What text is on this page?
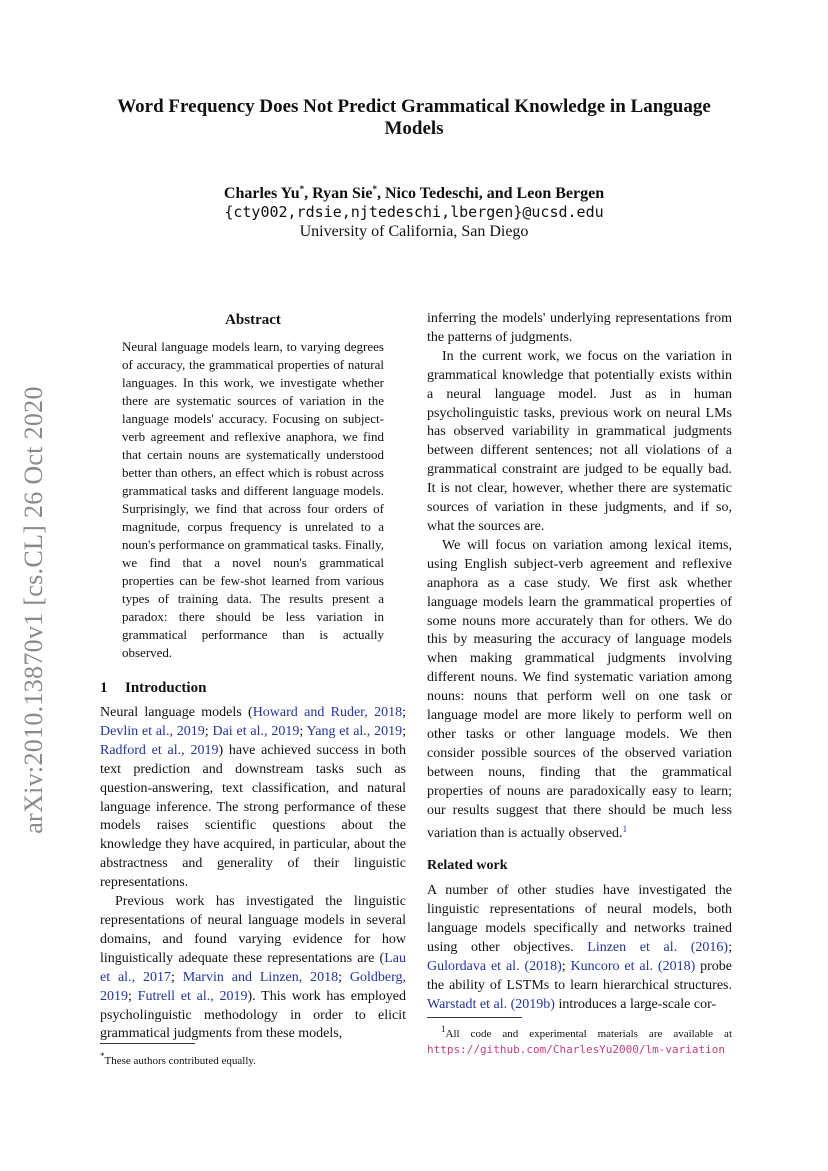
arXiv:2010.13870v1 [cs.CL] 26 Oct 2020
Word Frequency Does Not Predict Grammatical Knowledge in Language Models
Charles Yu*, Ryan Sie*, Nico Tedeschi, and Leon Bergen
{cty002,rdsie,njtedeschi,lbergen}@ucsd.edu
University of California, San Diego
Abstract

Neural language models learn, to varying degrees of accuracy, the grammatical properties of natural languages. In this work, we investigate whether there are systematic sources of variation in the language models' accuracy. Focusing on subject-verb agreement and reflexive anaphora, we find that certain nouns are systematically understood better than others, an effect which is robust across grammatical tasks and different language models. Surprisingly, we find that across four orders of magnitude, corpus frequency is unrelated to a noun's performance on grammatical tasks. Finally, we find that a novel noun's grammatical properties can be few-shot learned from various types of training data. The results present a paradox: there should be less variation in grammatical performance than is actually observed.

1 Introduction

Neural language models (Howard and Ruder, 2018; Devlin et al., 2019; Dai et al., 2019; Yang et al., 2019; Radford et al., 2019) have achieved success in both text prediction and downstream tasks such as question-answering, text classification, and natural language inference. The strong performance of these models raises scientific questions about the knowledge they have acquired, in particular, about the abstractness and generality of their linguistic representations.

Previous work has investigated the linguistic representations of neural language models in several domains, and found varying evidence for how linguistically adequate these representations are (Lau et al., 2017; Marvin and Linzen, 2018; Goldberg, 2019; Futrell et al., 2019). This work has employed psycholinguistic methodology in order to elicit grammatical judgments from these models,

inferring the models' underlying representations from the patterns of judgments.

In the current work, we focus on the variation in grammatical knowledge that potentially exists within a neural language model. Just as in human psycholinguistic tasks, previous work on neural LMs has observed variability in grammatical judgments between different sentences; not all violations of a grammatical constraint are judged to be equally bad. It is not clear, however, whether there are systematic sources of variation in these judgments, and if so, what the sources are.

We will focus on variation among lexical items, using English subject-verb agreement and reflexive anaphora as a case study. We first ask whether language models learn the grammatical properties of some nouns more accurately than for others. We do this by measuring the accuracy of language models when making grammatical judgments involving different nouns. We find systematic variation among nouns: nouns that perform well on one task or language model are more likely to perform well on other tasks or other language models. We then consider possible sources of the observed variation between nouns, finding that the grammatical properties of nouns are paradoxically easy to learn; our results suggest that there should be much less variation than is actually observed.$^1$

Related work

A number of other studies have investigated the linguistic representations of neural models, both language models specifically and networks trained using other objectives. Linzen et al. (2016); Gulordava et al. (2018); Kuncoro et al. (2018) probe the ability of LSTMs to learn hierarchical structures. Warstadt et al. (2019b) introduces a large-scale cor-

*These authors contributed equally.
$^1$All code and experimental materials are available at https://github.com/CharlesYu2000/lm-variation
